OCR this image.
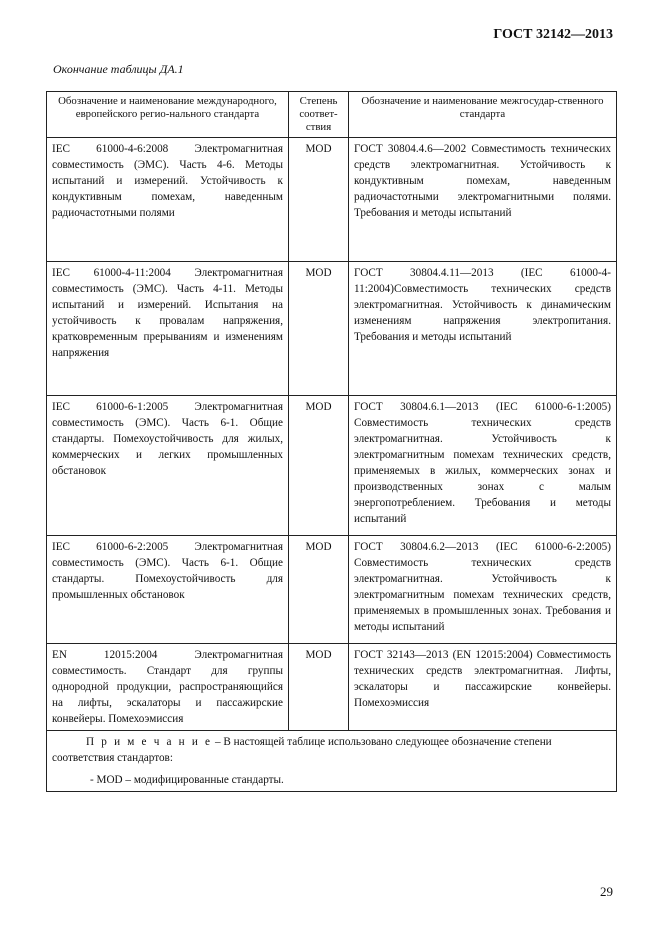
ГОСТ 32142—2013
Окончание таблицы ДА.1
Обозначение и наименование международного, европейского регио-нального стандарта	Степень соответ-ствия	Обозначение и наименование межгосудар-ственного стандарта
IEC 61000-4-6:2008 Электромагнитная совместимость (ЭМС). Часть 4-6. Методы испытаний и измерений. Устойчивость к кондуктивным помехам, наведенным радиочастотными полями	MOD	ГОСТ 30804.4.6—2002 Совместимость технических средств электромагнитная. Устойчивость к кондуктивным помехам, наведенным радиочастотными электромагнитными полями. Требования и методы испытаний
IEC 61000-4-11:2004 Электромагнитная совместимость (ЭМС). Часть 4-11. Методы испытаний и измерений. Испытания на устойчивость к провалам напряжения, кратковременным прерываниям и изменениям напряжения	MOD	ГОСТ 30804.4.11—2013 (IEC 61000-4-11:2004)Совместимость технических средств электромагнитная. Устойчивость к динамическим изменениям напряжения электропитания. Требования и методы испытаний
IEC 61000-6-1:2005 Электромагнитная совместимость (ЭМС). Часть 6-1. Общие стандарты. Помехоустойчивость для жилых, коммерческих и легких промышленных обстановок	MOD	ГОСТ 30804.6.1—2013 (IEC 61000-6-1:2005) Совместимость технических средств электромагнитная. Устойчивость к электромагнитным помехам технических средств, применяемых в жилых, коммерческих зонах и производственных зонах с малым энергопотреблением. Требования и методы испытаний
IEC 61000-6-2:2005 Электромагнитная совместимость (ЭМС). Часть 6-1. Общие стандарты. Помехоустойчивость для промышленных обстановок	MOD	ГОСТ 30804.6.2—2013 (IEC 61000-6-2:2005) Совместимость технических средств электромагнитная. Устойчивость к электромагнитным помехам технических средств, применяемых в промышленных зонах. Требования и методы испытаний
EN 12015:2004 Электромагнитная совместимость. Стандарт для группы однородной продукции, распространяющийся на лифты, эскалаторы и пассажирские конвейеры. Помехоэмиссия	MOD	ГОСТ 32143—2013 (EN 12015:2004) Совместимость технических средств электромагнитная. Лифты, эскалаторы и пассажирские конвейеры. Помехоэмиссия

П р и м е ч а н и е – В настоящей таблице использовано следующее обозначение степени соответствия стандартов:
- MOD – модифицированные стандарты.		
29
